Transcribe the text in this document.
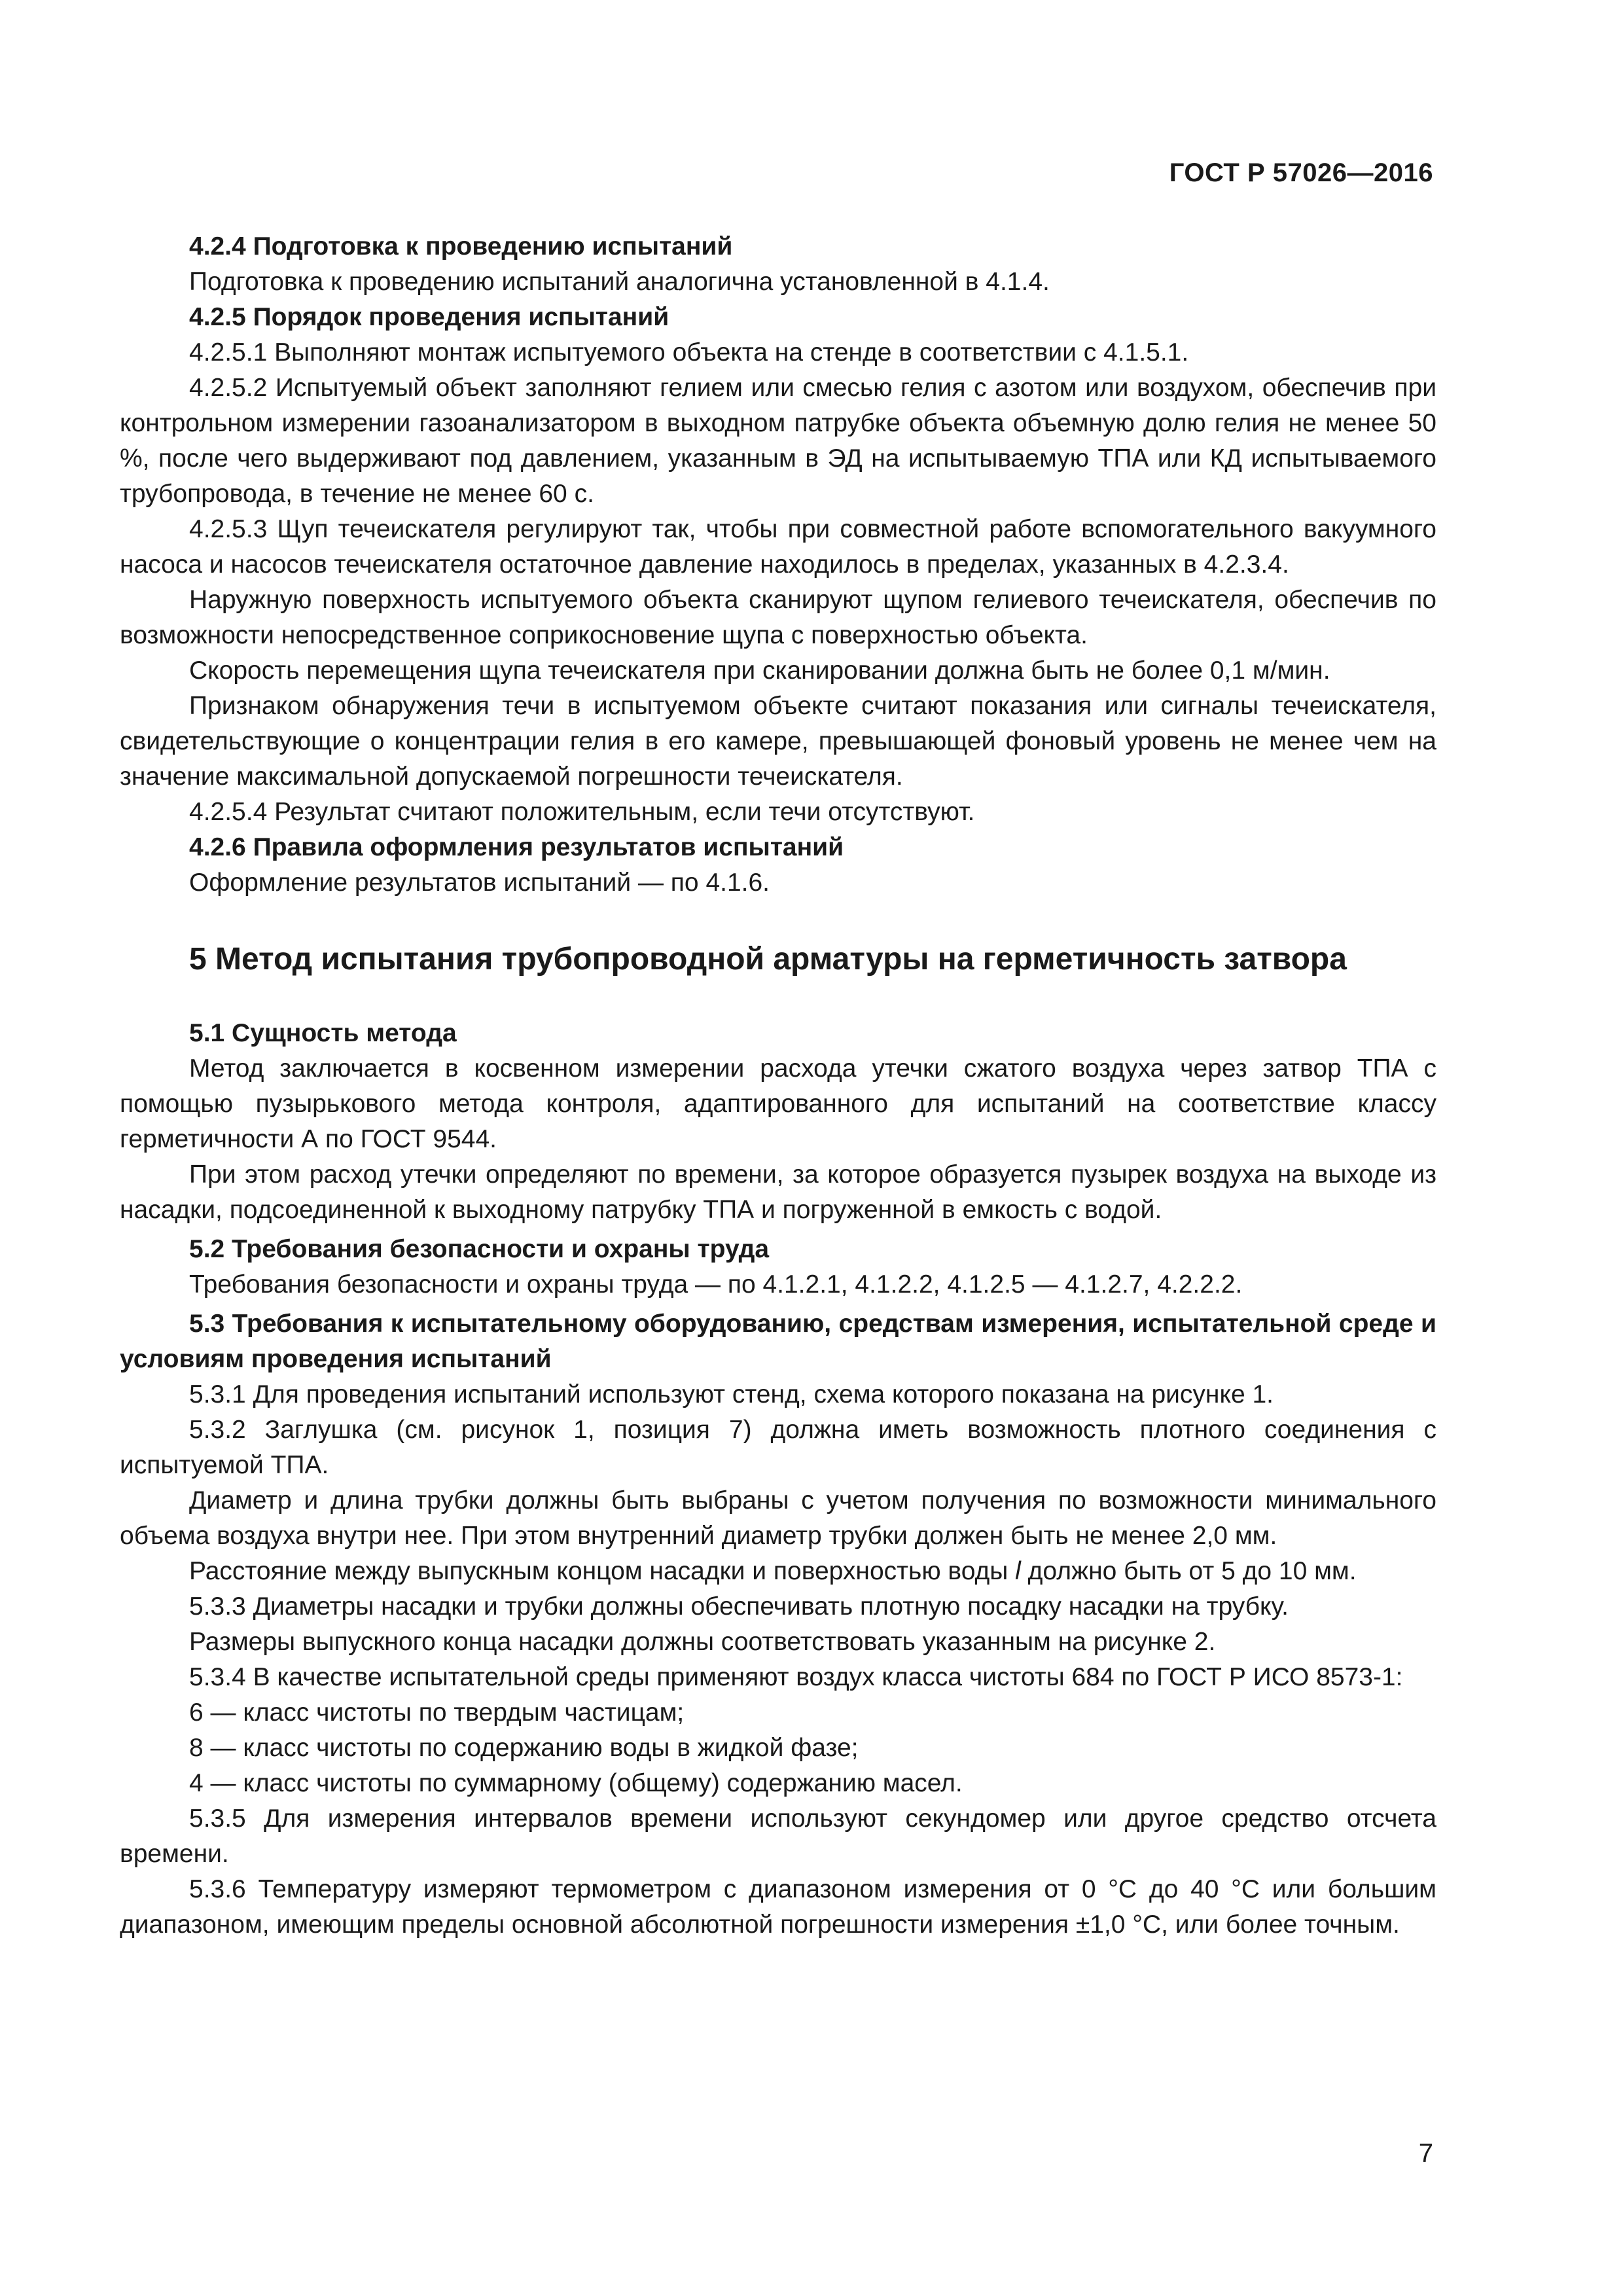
ГОСТ Р 57026—2016

4.2.4 Подготовка к проведению испытаний

Подготовка к проведению испытаний аналогична установленной в 4.1.4.

4.2.5 Порядок проведения испытаний

4.2.5.1 Выполняют монтаж испытуемого объекта на стенде в соответствии с 4.1.5.1.

4.2.5.2 Испытуемый объект заполняют гелием или смесью гелия с азотом или воздухом, обеспечив при контрольном измерении газоанализатором в выходном патрубке объекта объемную долю гелия не менее 50 %, после чего выдерживают под давлением, указанным в ЭД на испытываемую ТПА или КД испытываемого трубопровода, в течение не менее 60 с.

4.2.5.3 Щуп течеискателя регулируют так, чтобы при совместной работе вспомогательного вакуумного насоса и насосов течеискателя остаточное давление находилось в пределах, указанных в 4.2.3.4.

Наружную поверхность испытуемого объекта сканируют щупом гелиевого течеискателя, обеспечив по возможности непосредственное соприкосновение щупа с поверхностью объекта.

Скорость перемещения щупа течеискателя при сканировании должна быть не более 0,1 м/мин.

Признаком обнаружения течи в испытуемом объекте считают показания или сигналы течеискателя, свидетельствующие о концентрации гелия в его камере, превышающей фоновый уровень не менее чем на значение максимальной допускаемой погрешности течеискателя.

4.2.5.4 Результат считают положительным, если течи отсутствуют.

4.2.6 Правила оформления результатов испытаний

Оформление результатов испытаний — по 4.1.6.

5 Метод испытания трубопроводной арматуры на герметичность затвора

5.1 Сущность метода

Метод заключается в косвенном измерении расхода утечки сжатого воздуха через затвор ТПА с помощью пузырькового метода контроля, адаптированного для испытаний на соответствие классу герметичности А по ГОСТ 9544.

При этом расход утечки определяют по времени, за которое образуется пузырек воздуха на выходе из насадки, подсоединенной к выходному патрубку ТПА и погруженной в емкость с водой.

5.2 Требования безопасности и охраны труда

Требования безопасности и охраны труда — по 4.1.2.1, 4.1.2.2, 4.1.2.5 — 4.1.2.7, 4.2.2.2.

5.3 Требования к испытательному оборудованию, средствам измерения, испытательной среде и условиям проведения испытаний

5.3.1 Для проведения испытаний используют стенд, схема которого показана на рисунке 1.

5.3.2 Заглушка (см. рисунок 1, позиция 7) должна иметь возможность плотного соединения с испытуемой ТПА.

Диаметр и длина трубки должны быть выбраны с учетом получения по возможности минимального объема воздуха внутри нее. При этом внутренний диаметр трубки должен быть не менее 2,0 мм.

Расстояние между выпускным концом насадки и поверхностью воды l должно быть от 5 до 10 мм.

5.3.3 Диаметры насадки и трубки должны обеспечивать плотную посадку насадки на трубку.

Размеры выпускного конца насадки должны соответствовать указанным на рисунке 2.

5.3.4 В качестве испытательной среды применяют воздух класса чистоты 684 по ГОСТ Р ИСО 8573-1:

6 — класс чистоты по твердым частицам;

8 — класс чистоты по содержанию воды в жидкой фазе;

4 — класс чистоты по суммарному (общему) содержанию масел.

5.3.5 Для измерения интервалов времени используют секундомер или другое средство отсчета времени.

5.3.6 Температуру измеряют термометром с диапазоном измерения от 0 °С до 40 °С или большим диапазоном, имеющим пределы основной абсолютной погрешности измерения ±1,0 °С, или более точным.

7
